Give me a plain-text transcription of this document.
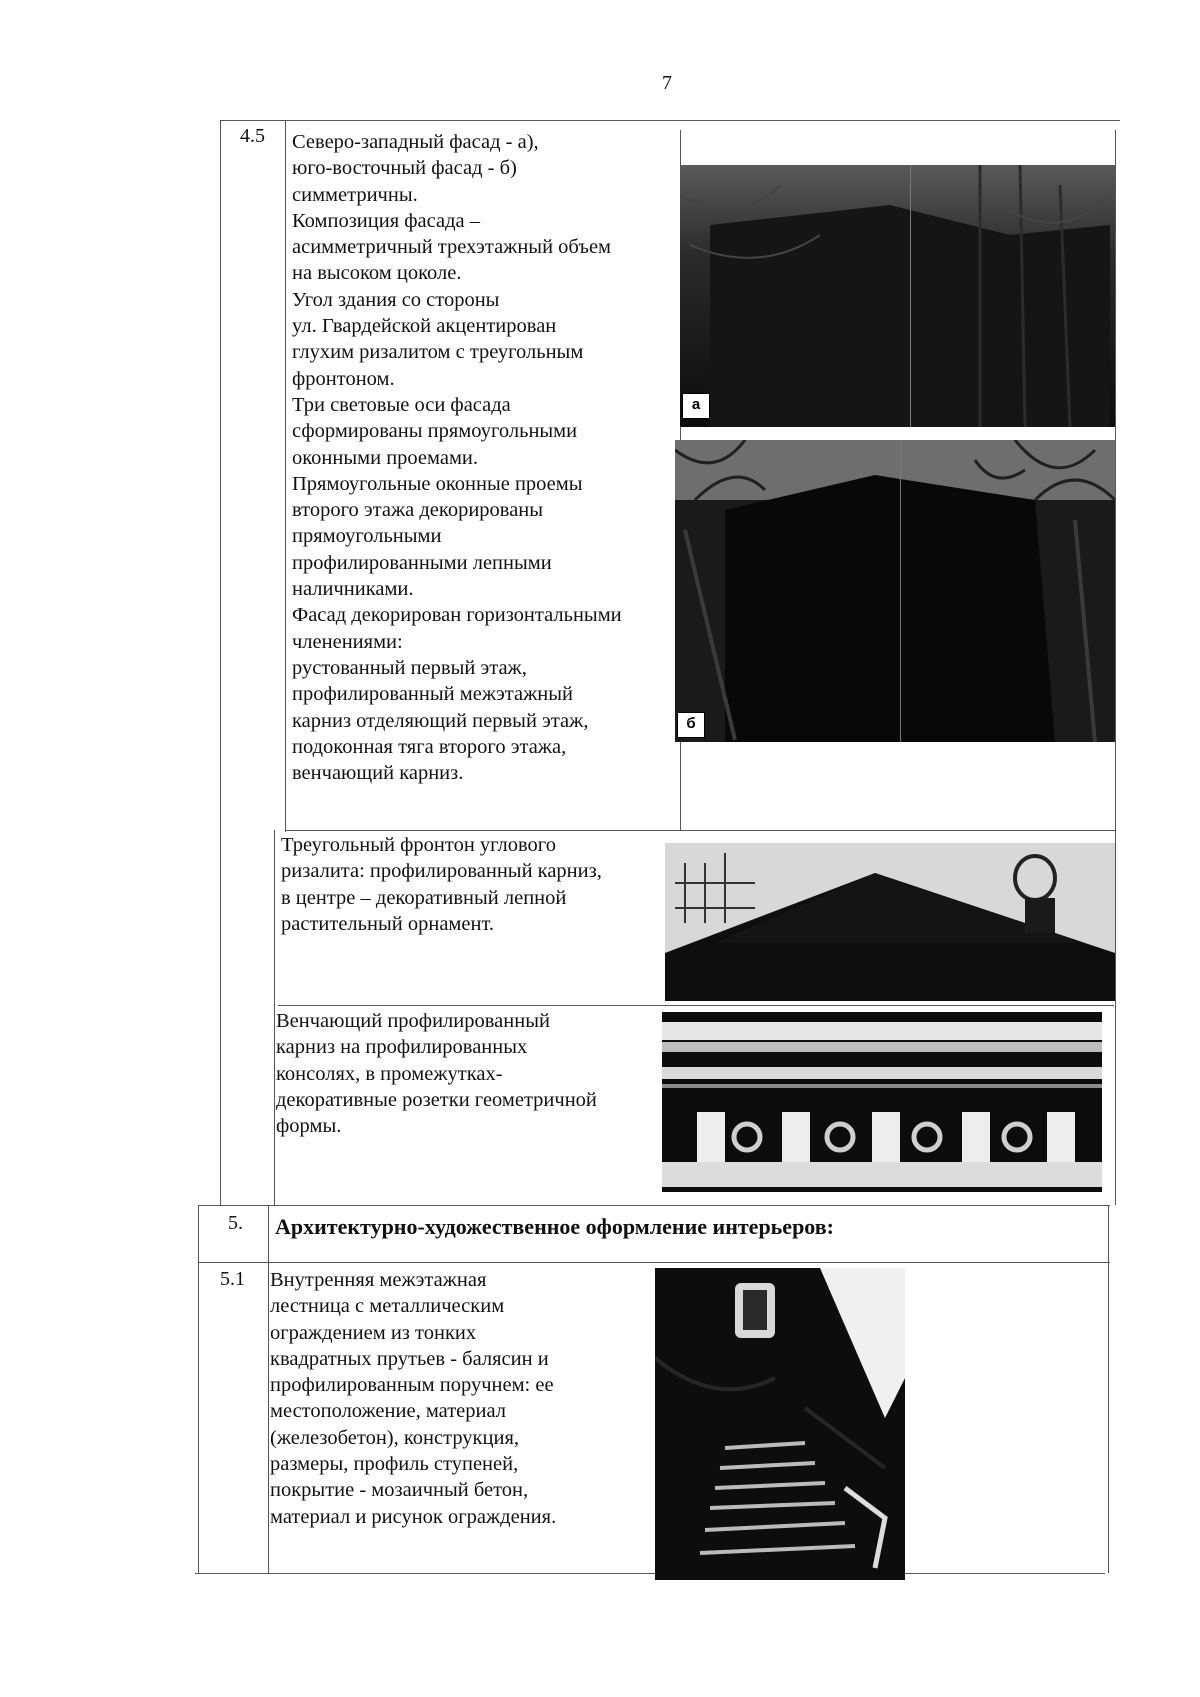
7
4.5 Северо-западный фасад - а),
юго-восточный фасад - б)
симметричны.
Композиция фасада –
асимметричный трехэтажный объем
на высоком цоколе.
Угол здания со стороны
ул. Гвардейской акцентирован
глухим ризалитом с треугольным
фронтоном.
Три световые оси фасада
сформированы прямоугольными
оконными проемами.
Прямоугольные оконные проемы
второго этажа декорированы
прямоугольными
профилированными лепными
наличниками.
Фасад декорирован горизонтальными
членениями:
рустованный первый этаж,
профилированный межэтажный
карниз отделяющий первый этаж,
подоконная тяга второго этажа,
венчающий карниз.
а
б
Треугольный фронтон углового
ризалита: профилированный карниз,
в центре – декоративный лепной
растительный орнамент.
Венчающий профилированный
карниз на профилированных
консолях, в промежутках-
декоративные розетки геометричной
формы.
5. Архитектурно-художественное оформление интерьеров:
5.1 Внутренняя межэтажная
лестница с металлическим
ограждением из тонких
квадратных прутьев - балясин и
профилированным поручнем: ее
местоположение, материал
(железобетон), конструкция,
размеры, профиль ступеней,
покрытие - мозаичный бетон,
материал и рисунок ограждения.
